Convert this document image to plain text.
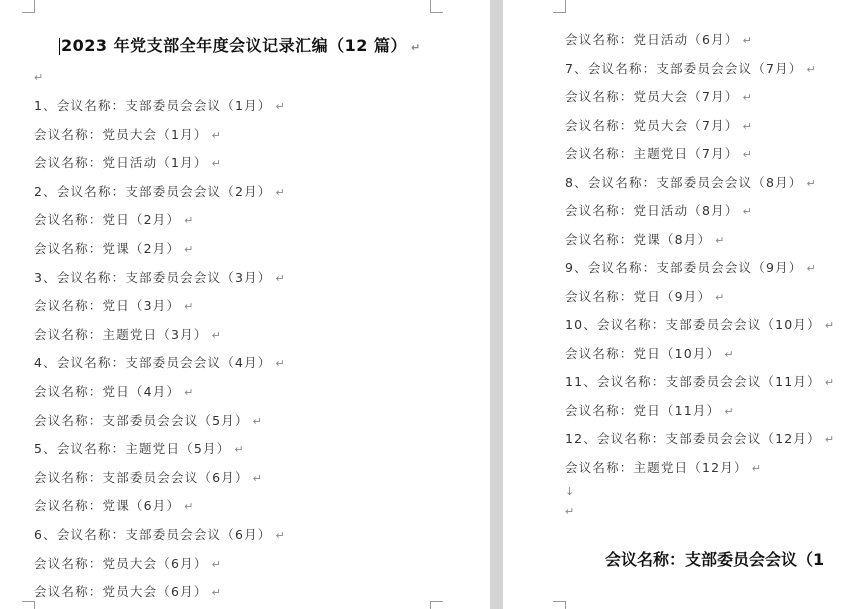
2023 年党支部全年度会议记录汇编（12 篇） ↵
↵
1、会议名称：支部委员会会议（1月） ↵
会议名称：党员大会（1月） ↵
会议名称：党日活动（1月） ↵
2、会议名称：支部委员会会议（2月） ↵
会议名称：党日（2月） ↵
会议名称：党课（2月） ↵
3、会议名称：支部委员会会议（3月） ↵
会议名称：党日（3月） ↵
会议名称：主题党日（3月） ↵
4、会议名称：支部委员会会议（4月） ↵
会议名称：党日（4月） ↵
会议名称：支部委员会会议（5月） ↵
5、会议名称：主题党日（5月） ↵
会议名称：支部委员会会议（6月） ↵
会议名称：党课（6月） ↵
6、会议名称：支部委员会会议（6月） ↵
会议名称：党员大会（6月） ↵
会议名称：党员大会（6月） ↵
会议名称：党日活动（6月） ↵
7、会议名称：支部委员会会议（7月） ↵
会议名称：党员大会（7月） ↵
会议名称：党员大会（7月） ↵
会议名称：主题党日（7月） ↵
8、会议名称：支部委员会会议（8月） ↵
会议名称：党日活动（8月） ↵
会议名称：党课（8月） ↵
9、会议名称：支部委员会会议（9月） ↵
会议名称：党日（9月） ↵
10、会议名称：支部委员会会议（10月） ↵
会议名称：党日（10月） ↵
11、会议名称：支部委员会会议（11月） ↵
会议名称：党日（11月） ↵
12、会议名称：支部委员会会议（12月） ↵
会议名称：主题党日（12月） ↵
↓
↵
会议名称：支部委员会会议（1
